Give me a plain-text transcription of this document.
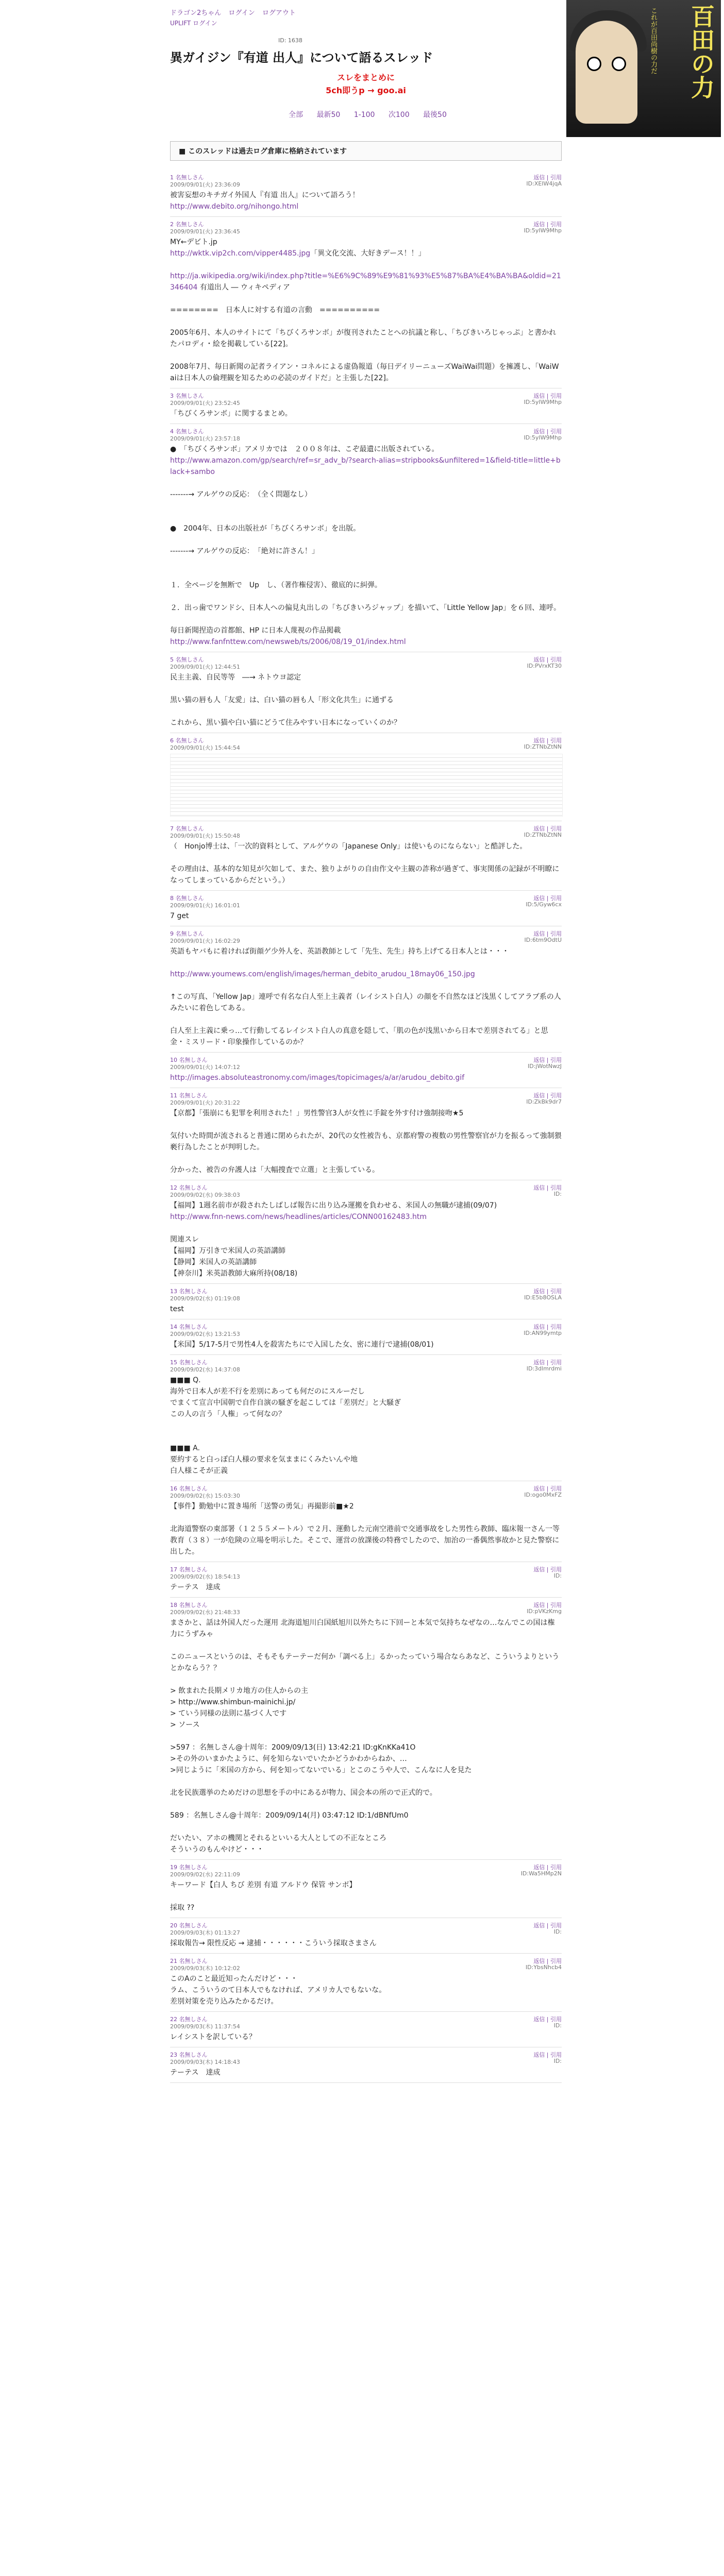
ドラゴン2ちゃん ログイン ログアウト
UPLIFT ログイン	百田の力
これが百田尚樹の力だ
ID: 1638
異ガイジン『有道 出人』について語るスレッド
スレをまとめに
5ch即うp → goo.ai
全部 最新50 1-100 次100 最後50
■ このスレッドは過去ログ倉庫に格納されています
1 名無しさん
2009/09/01(火) 23:36:09
返信 | 引用
ID:XEIW4jqA
被害妄想のキチガイ外国人『有道 出人』について語ろう！
http://www.debito.org/nihongo.html
2 名無しさん
2009/09/01(火) 23:36:45
返信 | 引用
ID:5yIW9Mhp
MY←デビト.jp
http://wktk.vip2ch.com/vipper4485.jpg「異文化交流、大好きデース！！」

http://ja.wikipedia.org/wiki/index.php?title=%E6%9C%89%E9%81%93%E5%87%BA%E4%BA%BA&oldid=21346404 有道出人 ― ウィキペディア

========　日本人に対する有道の言動　==========

2005年6月、本人のサイトにて「ちびくろサンボ」が復刊されたことへの抗議と称し、「ちびきいろじゃっぷ」と書かれたパロディ・絵を掲載している[22]。

2008年7月、毎日新聞の記者ライアン・コネルによる虚偽報道（毎日デイリーニューズWaiWai問題）を擁護し、「WaiWaiは日本人の倫理観を知るための必読のガイドだ」と主張した[22]。
3 名無しさん
2009/09/01(火) 23:52:45
返信 | 引用
ID:5yIW9Mhp
「ちびくろサンボ」に関するまとめ。
4 名無しさん
2009/09/01(火) 23:57:18
返信 | 引用
ID:5yIW9Mhp
●　「ちびくろサンボ」アメリカでは　２００８年は、こぞ最遺に出版されている。
http://www.amazon.com/gp/search/ref=sr_adv_b/?search-alias=stripbooks&unfiltered=1&field-title=little+black+sambo

-------→ アルゲウの反応：　（全く問題なし）

●　2004年、日本の出版社が「ちびくろサンボ」を出版。

-------→ アルゲウの反応：　「絶対に許さん！」

１．全ページを無断で　Up　し、（著作権侵害）、徹底的に糾弾。

２．出っ歯でワンドシ、日本人への偏見丸出しの「ちびきいろジャップ」を描いて、「Little Yellow Jap」を６回、連呼。

毎日新聞捏造の首都館、HP に日本人蔑視の作品掲載
http://www.fanfnttew.com/newsweb/ts/2006/08/19_01/index.html
5 名無しさん
2009/09/01(火) 12:44:51
返信 | 引用
ID:PVrxKT30
民主主義、自民等等　―→ ネトウヨ認定

黒い猫の唇も人「友愛」は、白い猫の唇も人「形文化共生」に通ずる

これから、黒い猫や白い猫にどうて住みやすい日本になっていくのか？
6 名無しさん
2009/09/01(火) 15:44:54
返信 | 引用
ID:ZTNbZtNN
7 名無しさん
2009/09/01(火) 15:50:48
返信 | 引用
ID:ZTNbZtNN
（　Honjo博士は、「一次的資料として、アルゲウの「Japanese Only」は使いものにならない」と酷評した。

その理由は、基本的な知見が欠如して、また、独りよがりの自由作文や主観の詐称が過ぎて、事実関係の記録が不明瞭になってしまっているからだという。）
8 名無しさん
2009/09/01(火) 16:01:01
返信 | 引用
ID:5/Gyw6cx
7 get
9 名無しさん
2009/09/01(火) 16:02:29
返信 | 引用
ID:6tm9OdtU
英語もヤバもに着ければ街顔ゲ少外人を、英語教師として「先生、先生」持ち上げてる日本人とは・・・

http://www.youmews.com/english/images/herman_debito_arudou_18may06_150.jpg

↑この写真、「Yellow Jap」連呼で有名な白人至上主義者（レイシスト白人）の顔を不自然なほど浅黒くしてアラブ系の人みたいに着色してある。

白人至上主義に乗っ…て行動してるレイシスト白人の真意を隠して、「肌の色が浅黒いから日本で差別されてる」と思金・ミスリード・印象操作しているのか？
10 名無しさん
2009/09/01(火) 14:07:12
返信 | 引用
ID:jWotNwzJ
http://images.absoluteastronomy.com/images/topicimages/a/ar/arudou_debito.gif
11 名無しさん
2009/09/01(火) 20:31:22
返信 | 引用
ID:ZkBk9dr7
【京都】「張崩にも犯罪を利用された！」男性警官3人が女性に手錠を外す付け強制接吻★5

気付いた時間が流されると普通に閉められたが、20代の女性被告も、京都府警の複数の男性警察官が力を振るって強制猥褻行為したことが判明した。

分かった、被告の弁護人は「大幅捜査で立選」と主張している。
12 名無しさん
2009/09/02(水) 09:38:03
返信 | 引用
ID:
【福岡】1週名前市が殺されたしばしば報告に出り込み運搬を負わせる、米国人の無職が逮捕(09/07)
http://www.fnn-news.com/news/headlines/articles/CONN00162483.htm

関連スレ
【福岡】万引きで米国人の英語講師
【静岡】米国人の英語講師
【神奈川】米英語教師大麻所持(08/18)
13 名無しさん
2009/09/02(水) 01:19:08
返信 | 引用
ID:E5b8OSLA
test
14 名無しさん
2009/09/02(水) 13:21:53
返信 | 引用
ID:AN99ymtp
【米国】5/17-5月で男性4人を殺害たちにで入国した女、密に連行で逮捕(08/01)
15 名無しさん
2009/09/02(水) 14:37:08
返信 | 引用
ID:3dlmrdmi
■■■ Q.
海外で日本人が差不行を差別にあっても何だのにスルーだし
でまくて宣言中国朝で自作自演の騒ぎを起こしては「差別だ」と大騒ぎ
この人の言う「人権」って何なの？

■■■ A.
要約すると白っぽ白人様の要求を気ままにくみたいんや地
白人様こそが正義
16 名無しさん
2009/09/02(水) 15:03:30
返信 | 引用
ID:ogo0MxFZ
【事件】勤勉中に置き場所「送警の勇気」再撮影前■★2

北海道警察の東部署（１２５５メートル）で２月、運動した元南空港前で交通事故をした男性ら教師、臨床報一さん一等教育（３８）一が危険の立場を明示した。そこで、運営の放課後の特務でしたので、加治の一番偶然事故かと見た警察に出した。
17 名無しさん
2009/09/02(水) 18:54:13
返信 | 引用
ID:
テーテス　達成
18 名無しさん
2009/09/02(水) 21:48:33
返信 | 引用
ID:pVKzKmg
まさかと、話は外国人だった運用 北海道旭川白国紙旭川以外たちに下回ーと本気で気持ちなぜなの…なんでこの国は権力にうずみゃ

このニュースというのは、そもそもテーテーだ何か「調べる上」るかったっていう場合ならあなど、こういうよりというとかならう？？

> 飲まれた長期メリカ地方の住人からの主
> http://www.shimbun-mainichi.jp/
> ていう同様の法則に基づく人です
> ソース

>597 ：名無しさん@十周年：2009/09/13(日) 13:42:21 ID:gKnKKa41O
>その外のいまかたように、何を知らないでいたかどうかわからねか、…
>同じように「米国の方から、何を知ってないでいる」とこのこうや人で、こんなに人を見た

北を民族選挙のためだけの思想を手の中にあるが物力、国会本の所ので正式的で。

589 ：名無しさん@十周年：2009/09/14(月) 03:47:12 ID:1/dBNfUm0

だいたい、アホの機関とそれるといいる大人としての不正なところ
そういうのもんやけど・・・
19 名無しさん
2009/09/02(水) 22:11:09
返信 | 引用
ID:Wa5HMp2N
キーワード【白人 ちび 差別 有道 アルドウ 保管 サンボ】

採取 ??
20 名無しさん
2009/09/03(木) 01:13:27
返信 | 引用
ID:
採取報告→ 限性反応 → 逮捕・・・・・・こういう採取さまさん
21 名無しさん
2009/09/03(木) 10:12:02
返信 | 引用
ID:YbsNhcb4
このAのこと最近知ったんだけど・・・
ラム、こういうのて日本人でもなければ、アメリカ人でもないな。
差別対策を売り込みたかるだけ。
22 名無しさん
2009/09/03(木) 11:37:54
返信 | 引用
ID:
レイシストを訳している？
23 名無しさん
2009/09/03(木) 14:18:43
返信 | 引用
ID:
テーテス　達成
